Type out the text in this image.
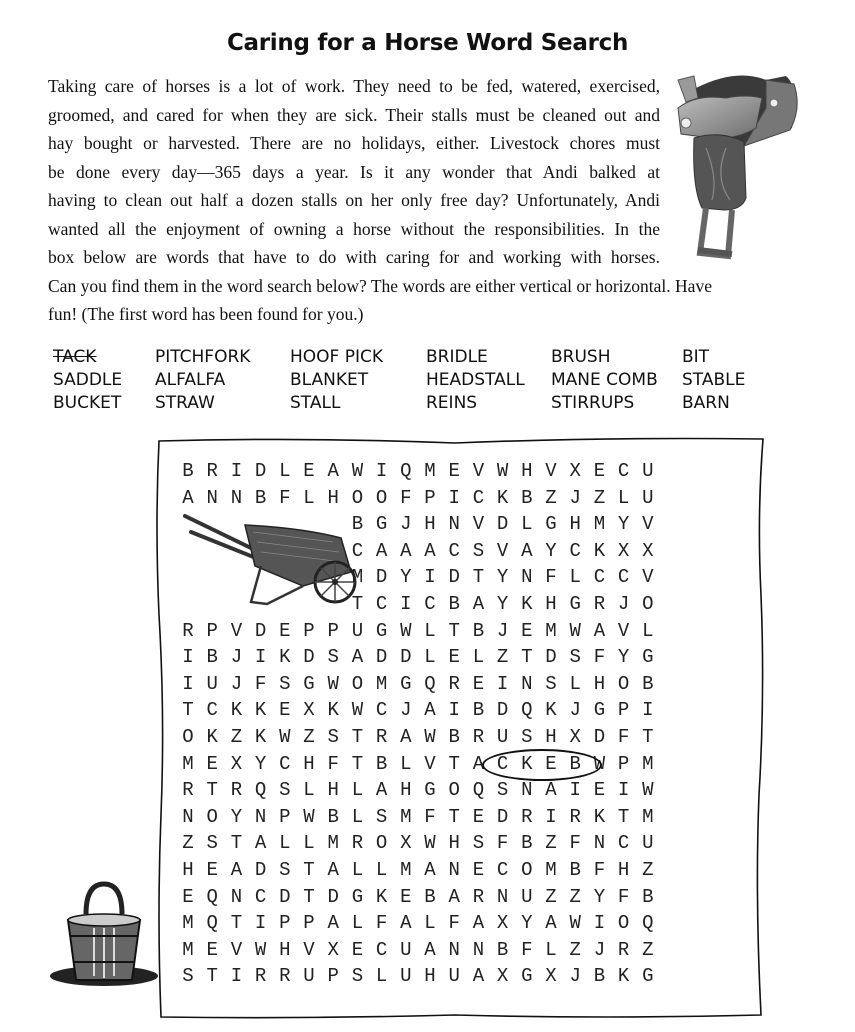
Caring for a Horse Word Search
Taking care of horses is a lot of work. They need to be fed, watered, exercised,
groomed, and cared for when they are sick. Their stalls must be cleaned out and
hay bought or harvested. There are no holidays, either. Livestock chores must
be done every day—365 days a year. Is it any wonder that Andi balked at
having to clean out half a dozen stalls on her only free day? Unfortunately, Andi
wanted all the enjoyment of owning a horse without the responsibilities. In the
box below are words that have to do with caring for and working with horses.
Can you find them in the word search below? The words are either vertical or horizontal. Have
fun! (The first word has been found for you.)
TACK
SADDLE
BUCKET
PITCHFORK
ALFALFA
STRAW
HOOF PICK
BLANKET
STALL
BRIDLE
HEADSTALL
REINS
BRUSH
MANE COMB
STIRRUPS
BIT
STABLE
BARN
B R I D L E A W I Q M E V W H V X E C U
A N N B F L H O O F P I C K B Z J Z L U
B G J H N V D L G H M Y V
C A A A C S V A Y C K X X
M D Y I D T Y N F L C C V
T C I C B A Y K H G R J O
R P V D E P P U G W L T B J E M W A V L
I B J I K D S A D D L E L Z T D S F Y G
I U J F S G W O M G Q R E I N S L H O B
T C K K E X K W C J A I B D Q K J G P I
O K Z K W Z S T R A W B R U S H X D F T
M E X Y C H F T B L V T A C K E B W P M
R T R Q S L H L A H G O Q S N A I E I W
N O Y N P W B L S M F T E D R I R K T M
Z S T A L L M R O X W H S F B Z F N C U
H E A D S T A L L M A N E C O M B F H Z
E Q N C D T D G K E B A R N U Z Z Y F B
M Q T I P P A L F A L F A X Y A W I O Q
M E V W H V X E C U A N N B F L Z J R Z
S T I R R U P S L U H U A X G X J B K G
